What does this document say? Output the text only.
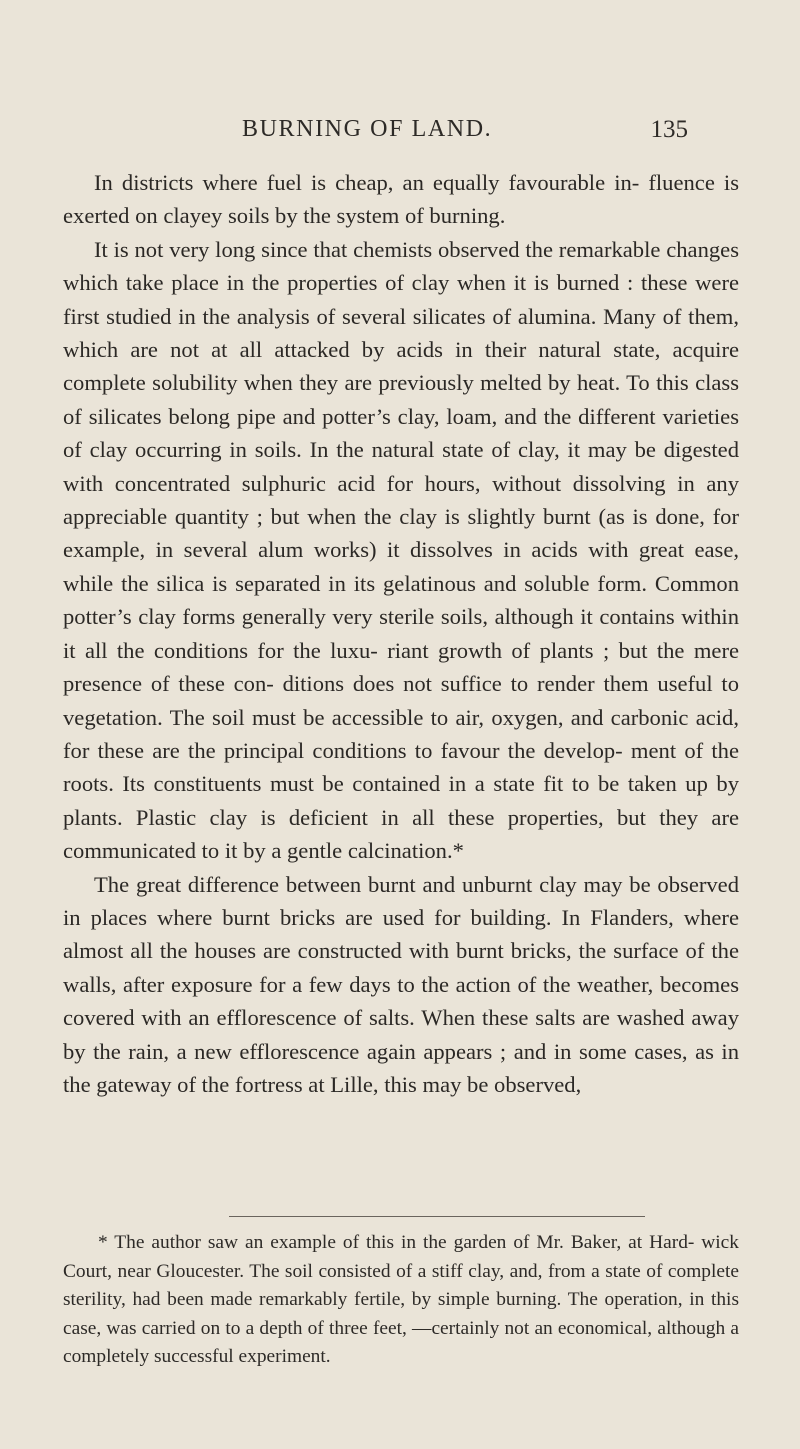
BURNING OF LAND.	135

In districts where fuel is cheap, an equally favourable in- fluence is exerted on clayey soils by the system of burning.

It is not very long since that chemists observed the remarkable changes which take place in the properties of clay when it is burned : these were first studied in the analysis of several silicates of alumina. Many of them, which are not at all attacked by acids in their natural state, acquire complete solubility when they are previously melted by heat. To this class of silicates belong pipe and potter’s clay, loam, and the different varieties of clay occurring in soils. In the natural state of clay, it may be digested with concentrated sulphuric acid for hours, without dissolving in any appreciable quantity ; but when the clay is slightly burnt (as is done, for example, in several alum works) it dissolves in acids with great ease, while the silica is separated in its gelatinous and soluble form. Common potter’s clay forms generally very sterile soils, although it contains within it all the conditions for the luxu- riant growth of plants ; but the mere presence of these con- ditions does not suffice to render them useful to vegetation. The soil must be accessible to air, oxygen, and carbonic acid, for these are the principal conditions to favour the develop- ment of the roots. Its constituents must be contained in a state fit to be taken up by plants. Plastic clay is deficient in all these properties, but they are communicated to it by a gentle calcination.*

The great difference between burnt and unburnt clay may be observed in places where burnt bricks are used for building. In Flanders, where almost all the houses are constructed with burnt bricks, the surface of the walls, after exposure for a few days to the action of the weather, becomes covered with an efflorescence of salts. When these salts are washed away by the rain, a new efflorescence again appears ; and in some cases, as in the gateway of the fortress at Lille, this may be observed,

* The author saw an example of this in the garden of Mr. Baker, at Hard- wick Court, near Gloucester. The soil consisted of a stiff clay, and, from a state of complete sterility, had been made remarkably fertile, by simple burning. The operation, in this case, was carried on to a depth of three feet, —certainly not an economical, although a completely successful experiment.
